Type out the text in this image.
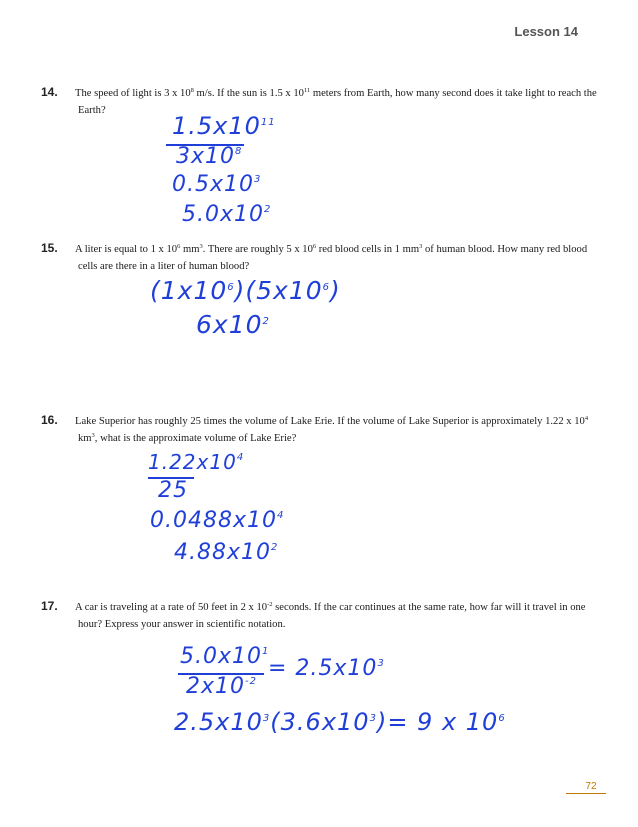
Lesson 14
14. The speed of light is 3 x $10^8$ m/s. If the sun is 1.5 x $10^{11}$ meters from Earth, how many second does it take light to reach the Earth?
$1.5x10^{11}$
$3x10^8$
$0.5x10^3$
$5.0x10^2$
15. A liter is equal to 1 x $10^6$ $mm^3$. There are roughly 5 x $10^6$ red blood cells in 1 $mm^3$ of human blood. How many red blood cells are there in a liter of human blood?
$(1x10^6)(5x10^6)$
$6x10^2$
16. Lake Superior has roughly 25 times the volume of Lake Erie. If the volume of Lake Superior is approximately 1.22 x $10^4$ $km^3$, what is the approximate volume of Lake Erie?
$1.22x10^4$
25
$0.0488x10^4$
$4.88x10^2$
17. A car is traveling at a rate of 50 feet in 2 x $10^{-2}$ seconds. If the car continues at the same rate, how far will it travel in one hour? Express your answer in scientific notation.
$5.0x10^1$
$2x10^{-2}$
= $2.5x10^3$
$2.5x10^3(3.6x10^3)= 9$ x $10^6$
72
